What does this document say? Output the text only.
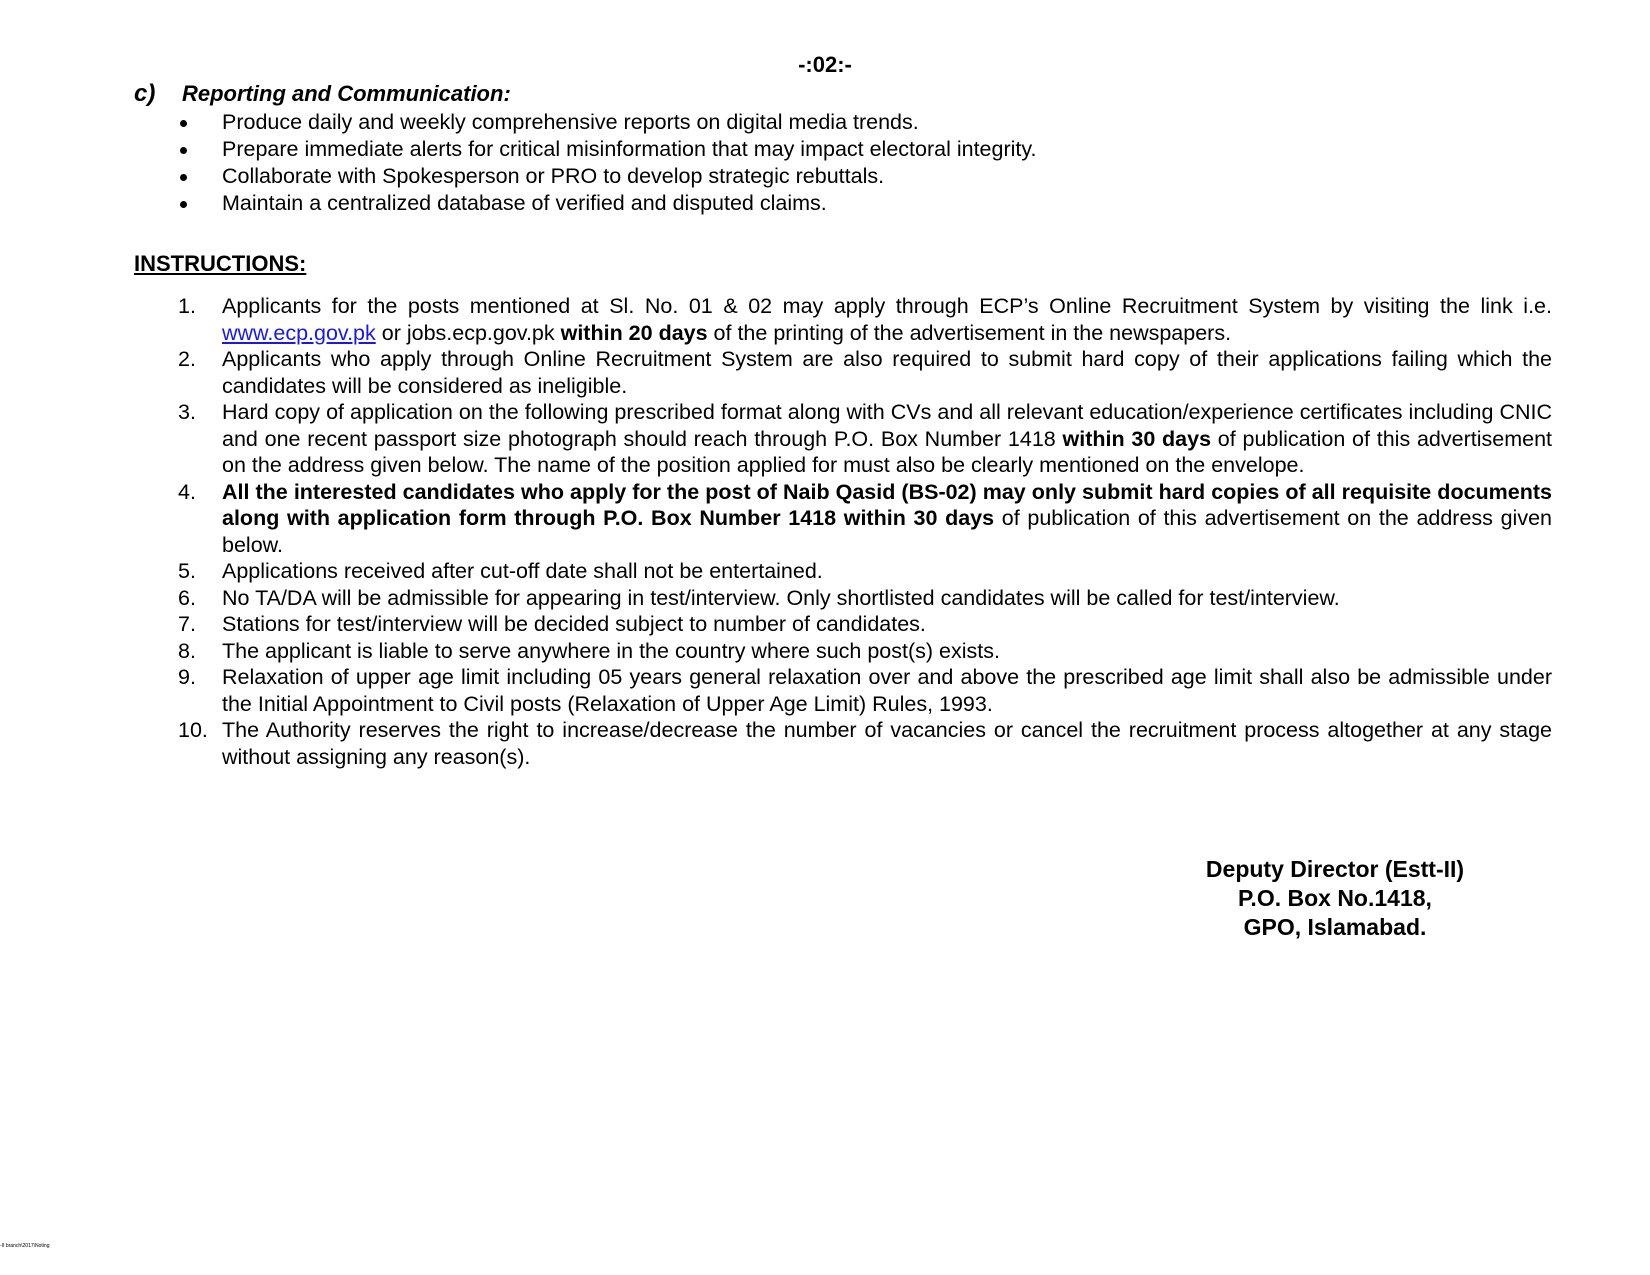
-:02:-
c) Reporting and Communication:
Produce daily and weekly comprehensive reports on digital media trends.
Prepare immediate alerts for critical misinformation that may impact electoral integrity.
Collaborate with Spokesperson or PRO to develop strategic rebuttals.
Maintain a centralized database of verified and disputed claims.
INSTRUCTIONS:
1. Applicants for the posts mentioned at Sl. No. 01 & 02 may apply through ECP’s Online Recruitment System by visiting the link i.e. www.ecp.gov.pk or jobs.ecp.gov.pk within 20 days of the printing of the advertisement in the newspapers.
2. Applicants who apply through Online Recruitment System are also required to submit hard copy of their applications failing which the candidates will be considered as ineligible.
3. Hard copy of application on the following prescribed format along with CVs and all relevant education/experience certificates including CNIC and one recent passport size photograph should reach through P.O. Box Number 1418 within 30 days of publication of this advertisement on the address given below. The name of the position applied for must also be clearly mentioned on the envelope.
4. All the interested candidates who apply for the post of Naib Qasid (BS-02) may only submit hard copies of all requisite documents along with application form through P.O. Box Number 1418 within 30 days of publication of this advertisement on the address given below.
5. Applications received after cut-off date shall not be entertained.
6. No TA/DA will be admissible for appearing in test/interview. Only shortlisted candidates will be called for test/interview.
7. Stations for test/interview will be decided subject to number of candidates.
8. The applicant is liable to serve anywhere in the country where such post(s) exists.
9. Relaxation of upper age limit including 05 years general relaxation over and above the prescribed age limit shall also be admissible under the Initial Appointment to Civil posts (Relaxation of Upper Age Limit) Rules, 1993.
10. The Authority reserves the right to increase/decrease the number of vacancies or cancel the recruitment process altogether at any stage without assigning any reason(s).
Deputy Director (Estt-II)
P.O. Box No.1418,
GPO, Islamabad.
-II branch\2017\Noting
